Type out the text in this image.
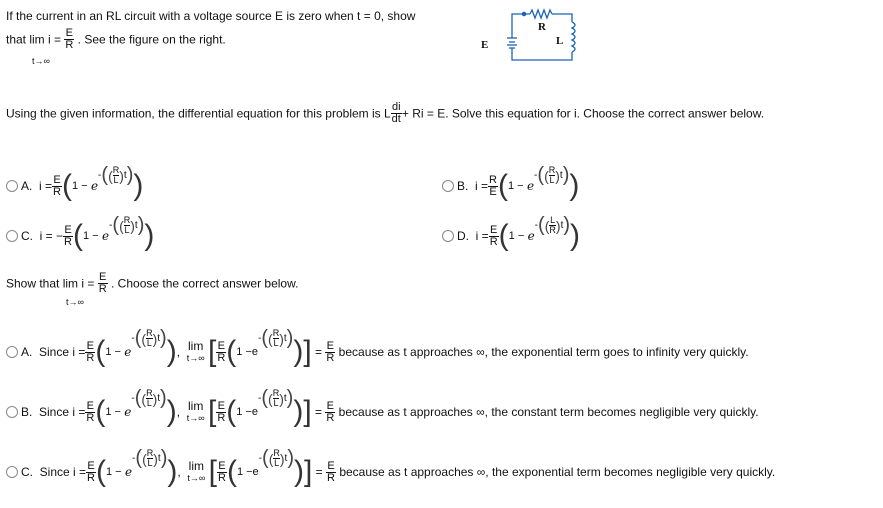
If the current in an RL circuit with a voltage source E is zero when t = 0, show
that $\lim i = \frac{E}{R}$ . See the figure on the right.
t→∞
R
E	L
Using the given information, the differential equation for this problem is L $\frac{di}{dt} + Ri = E$. Solve this equation for i. Choose the correct answer below.
A. $i = \frac{E}{R} (1 - e-(( \frac{R}{L} )t))$	B. $i = \frac{R}{E} (1 - e-(( \frac{R}{L} )t))$
C. i = − $\frac{E}{R} (1 - e-(( \frac{R}{L} )t))$	D. $i = \frac{E}{R} (1 - e-(( \frac{L}{R} )t))$
Show that $\lim i = \frac{E}{R}$ . Choose the correct answer below.
t→∞
A. Since $i = \frac{E}{R} (1 - e-(( \frac{R}{L} )t))$, lim
t→∞ [ $\frac{E}{R} (1 -e-(( \frac{R}{L} )t))] = \frac{E}{R}$ because as t approaches ∞, the exponential term goes to infinity very quickly.
B. Since $i = \frac{E}{R} (1 - e-(( \frac{R}{L} )t))$, lim
t→∞ [ $\frac{E}{R} (1 -e-(( \frac{R}{L} )t))] = \frac{E}{R}$ because as t approaches ∞, the constant term becomes negligible very quickly.
C. Since $i = \frac{E}{R} (1 - e-(( \frac{R}{L} )t))$, lim
t→∞ [ $\frac{E}{R} (1 -e-(( \frac{R}{L} )t))] = \frac{E}{R}$ because as t approaches ∞, the exponential term becomes negligible very quickly.
